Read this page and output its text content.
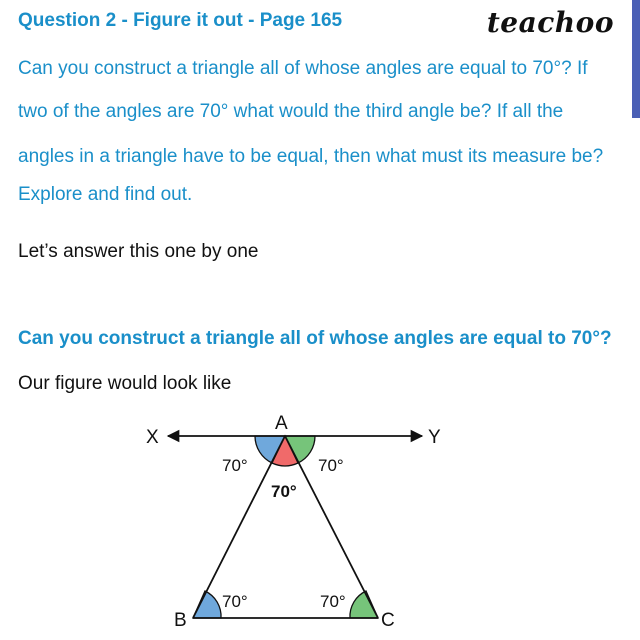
Question 2 - Figure it out - Page 165	teachoo
Can you construct a triangle all of whose angles are equal to 70°? If
two of the angles are 70° what would the third angle be? If all the
angles in a triangle have to be equal, then what must its measure be?
Explore and find out.
Let’s answer this one by one
Can you construct a triangle all of whose angles are equal to 70°?
Our figure would look like
A
X	Y
B	C
70°	70°
70°
70°	70°
